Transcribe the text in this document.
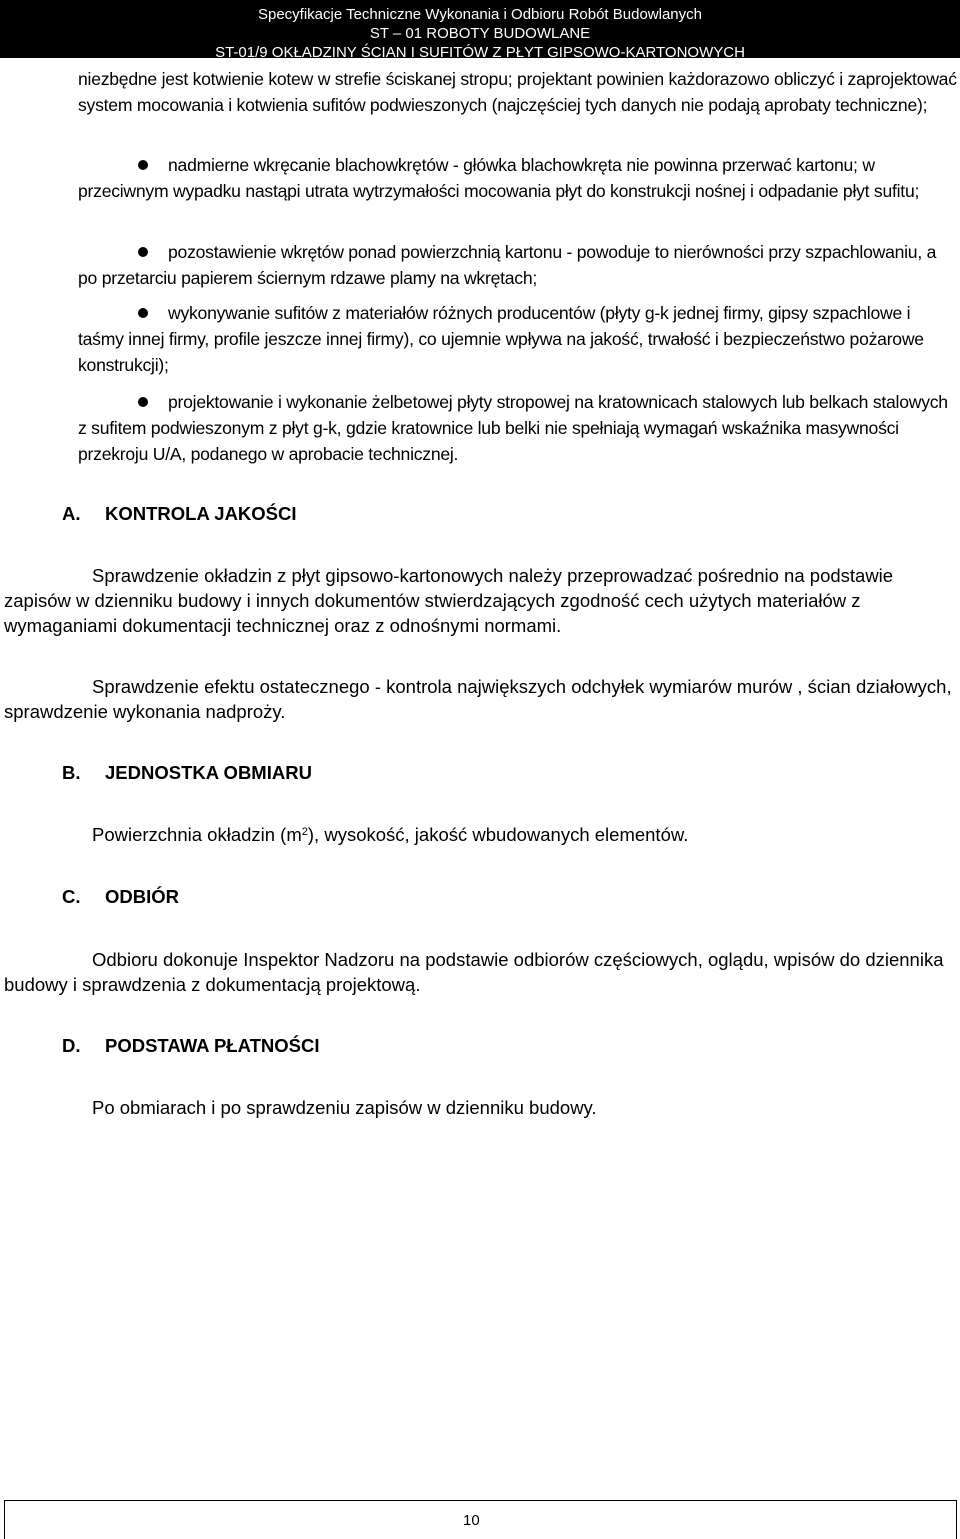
Specyfikacje Techniczne Wykonania i Odbioru Robót Budowlanych
ST – 01 ROBOTY BUDOWLANE
ST-01/9 OKŁADZINY ŚCIAN I SUFITÓW Z PŁYT GIPSOWO-KARTONOWYCH
niezbędne jest kotwienie kotew w strefie ściskanej stropu; projektant powinien każdorazowo obliczyć i zaprojektować system mocowania i kotwienia sufitów podwieszonych (najczęściej tych danych nie podają aprobaty techniczne);
nadmierne wkręcanie blachowkrętów - główka blachowkręta nie powinna przerwać kartonu; w przeciwnym wypadku nastąpi utrata wytrzymałości mocowania płyt do konstrukcji nośnej i odpadanie płyt sufitu;
pozostawienie wkrętów ponad powierzchnią kartonu - powoduje to nierówności przy szpachlowaniu, a po przetarciu papierem ściernym rdzawe plamy na wkrętach;
wykonywanie sufitów z materiałów różnych producentów (płyty g-k jednej firmy, gipsy szpachlowe i taśmy innej firmy, profile jeszcze innej firmy), co ujemnie wpływa na jakość, trwałość i bezpieczeństwo pożarowe konstrukcji);
projektowanie i wykonanie żelbetowej płyty stropowej na kratownicach stalowych lub belkach stalowych z sufitem podwieszonym z płyt g-k, gdzie kratownice lub belki nie spełniają wymagań wskaźnika masywności przekroju U/A, podanego w aprobacie technicznej.
A. KONTROLA JAKOŚCI
Sprawdzenie okładzin z płyt gipsowo-kartonowych należy przeprowadzać pośrednio na podstawie zapisów w dzienniku budowy i innych dokumentów stwierdzających zgodność cech użytych materiałów z wymaganiami dokumentacji technicznej oraz z odnośnymi normami.
Sprawdzenie efektu ostatecznego - kontrola największych odchyłek wymiarów murów , ścian działowych, sprawdzenie wykonania nadproży.
B. JEDNOSTKA OBMIARU
Powierzchnia okładzin $(m^2)$, wysokość, jakość wbudowanych elementów.
C. ODBIÓR
Odbioru dokonuje Inspektor Nadzoru na podstawie odbiorów częściowych, oglądu, wpisów do dziennika budowy i sprawdzenia z dokumentacją projektową.
D. PODSTAWA PŁATNOŚCI
Po obmiarach i po sprawdzeniu zapisów w dzienniku budowy.
10
